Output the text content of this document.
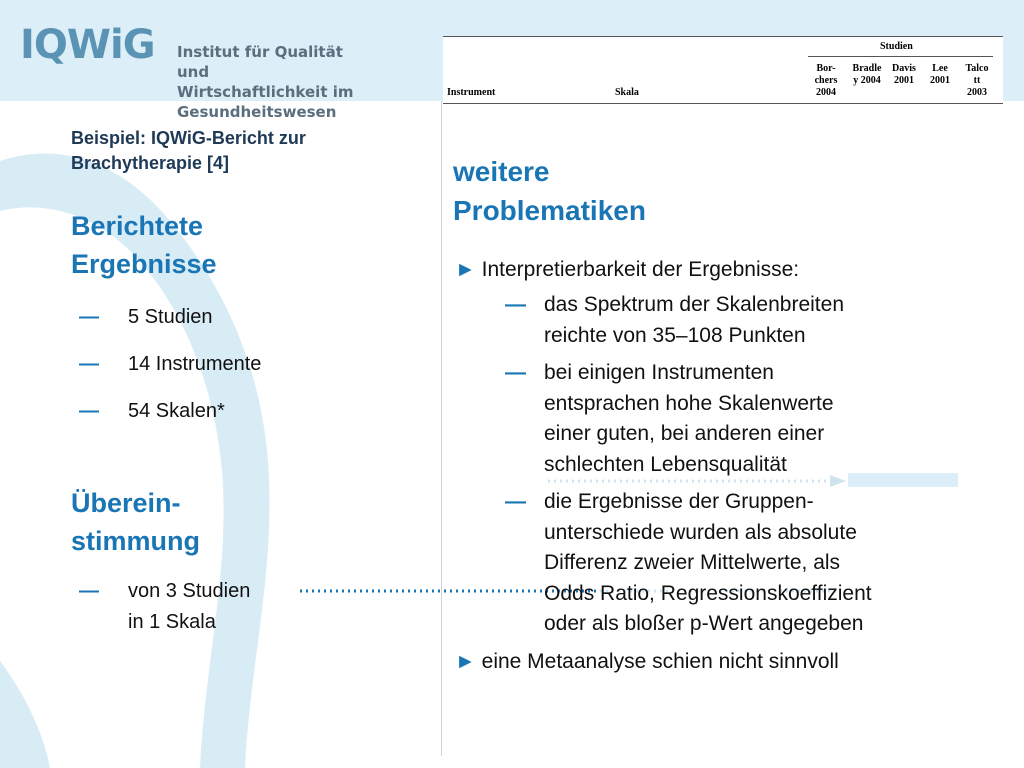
IQWiG Institut für Qualität und
Wirtschaftlichkeit im Gesundheitswesen
Studien
Instrument	Skala
Bor-
chers
2004
Bradle
y 2004
Davis
2001
Lee
2001
Talco
tt
2003
Beispiel: IQWiG-Bericht zur
Brachytherapie [4]
Berichtete
Ergebnisse
— 5 Studien
— 14 Instrumente
— 54 Skalen*
Überein-
stimmung
— von 3 Studien
in 1 Skala
weitere
Problematiken
► Interpretierbarkeit der Ergebnisse:
— das Spektrum der Skalenbreiten
reichte von 35–108 Punkten
— bei einigen Instrumenten
entsprachen hohe Skalenwerte
einer guten, bei anderen einer
schlechten Lebensqualität
— die Ergebnisse der Gruppen-
unterschiede wurden als absolute
Differenz zweier Mittelwerte, als
Odds Ratio, Regressionskoeffizient
oder als bloßer p-Wert angegeben
► eine Metaanalyse schien nicht sinnvoll
